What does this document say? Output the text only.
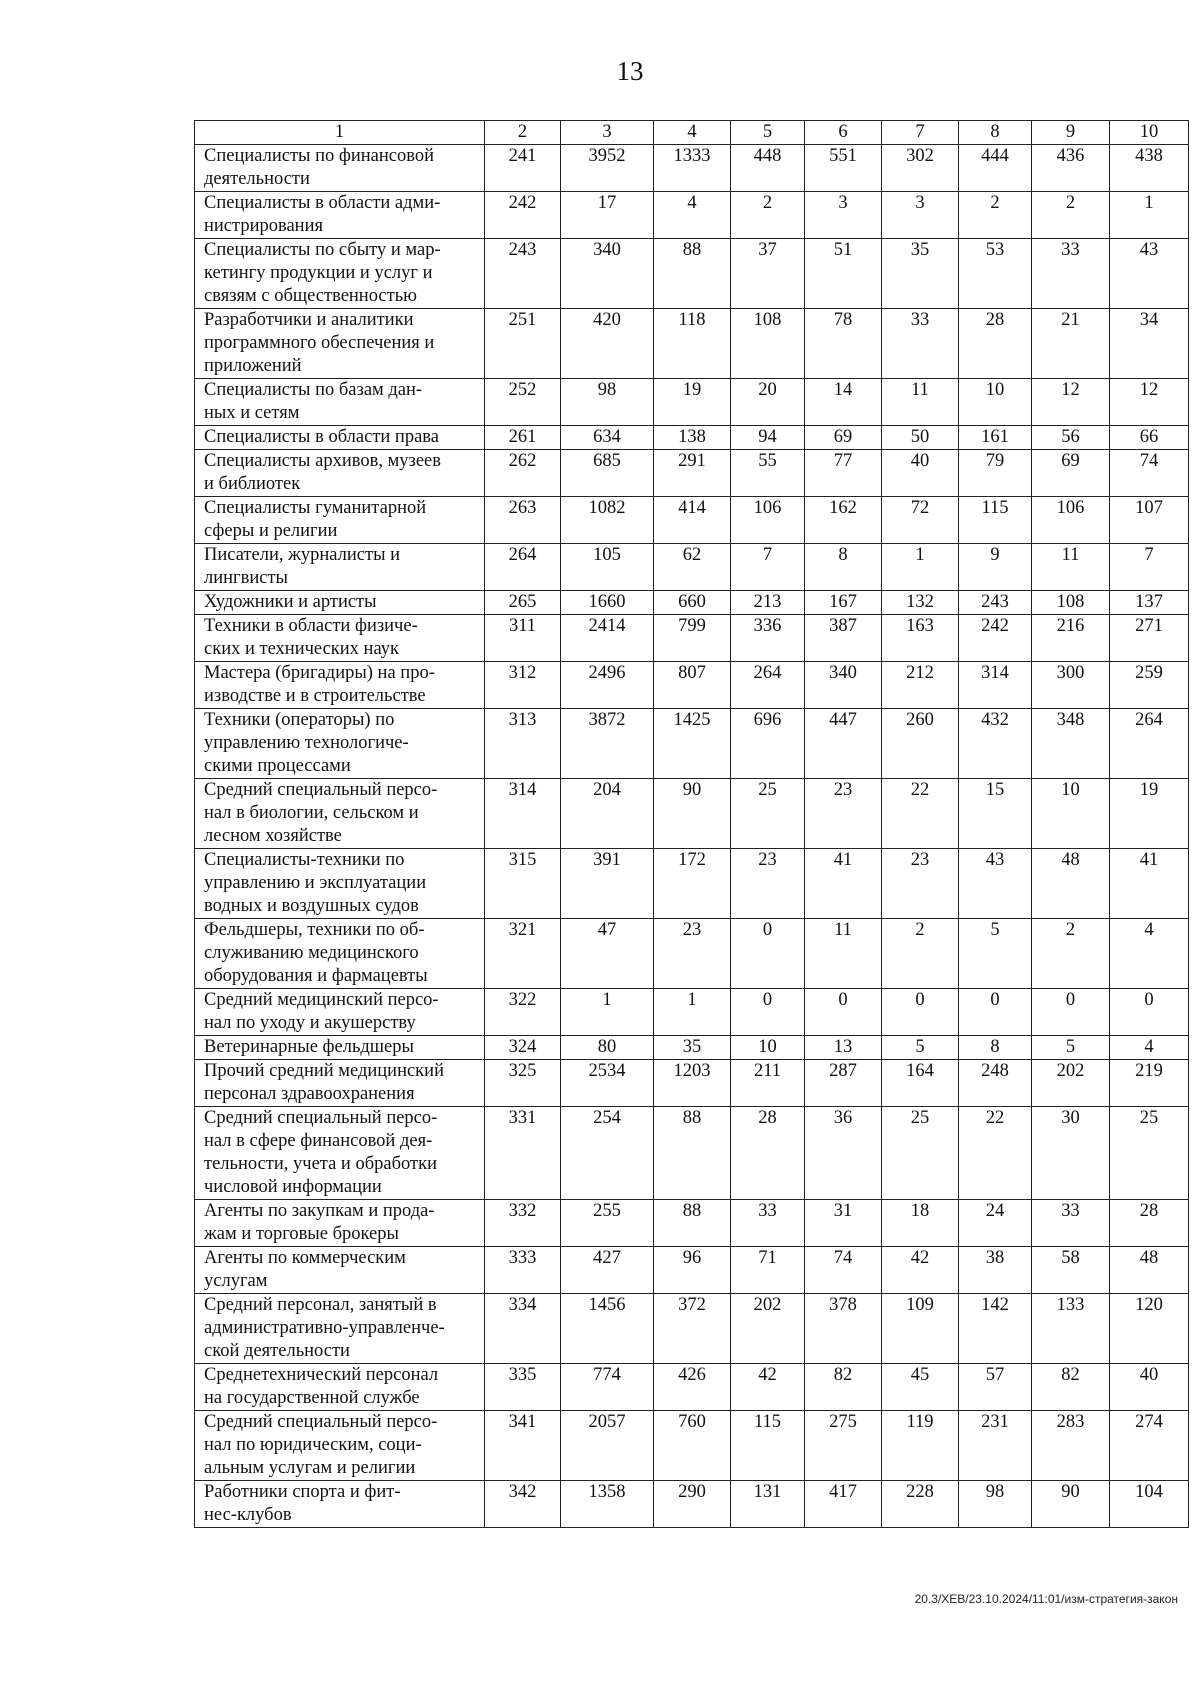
13
1	2	3	4	5	6	7	8	9	10
Специалисты по финансовой
деятельности	241	3952	1333	448	551	302	444	436	438
Специалисты в области адми-
нистрирования	242	17	4	2	3	3	2	2	1
Специалисты по сбыту и мар-
кетингу продукции и услуг и
связям с общественностью	243	340	88	37	51	35	53	33	43
Разработчики и аналитики
программного обеспечения и
приложений	251	420	118	108	78	33	28	21	34
Специалисты по базам дан-
ных и сетям	252	98	19	20	14	11	10	12	12
Специалисты в области права	261	634	138	94	69	50	161	56	66
Специалисты архивов, музеев
и библиотек	262	685	291	55	77	40	79	69	74
Специалисты гуманитарной
сферы и религии	263	1082	414	106	162	72	115	106	107
Писатели, журналисты и
лингвисты	264	105	62	7	8	1	9	11	7
Художники и артисты	265	1660	660	213	167	132	243	108	137
Техники в области физиче-
ских и технических наук	311	2414	799	336	387	163	242	216	271
Мастера (бригадиры) на про-
изводстве и в строительстве	312	2496	807	264	340	212	314	300	259
Техники (операторы) по
управлению технологиче-
скими процессами	313	3872	1425	696	447	260	432	348	264
Средний специальный персо-
нал в биологии, сельском и
лесном хозяйстве	314	204	90	25	23	22	15	10	19
Специалисты-техники по
управлению и эксплуатации
водных и воздушных судов	315	391	172	23	41	23	43	48	41
Фельдшеры, техники по об-
служиванию медицинского
оборудования и фармацевты	321	47	23	0	11	2	5	2	4
Средний медицинский персо-
нал по уходу и акушерству	322	1	1	0	0	0	0	0	0
Ветеринарные фельдшеры	324	80	35	10	13	5	8	5	4
Прочий средний медицинский
персонал здравоохранения	325	2534	1203	211	287	164	248	202	219
Средний специальный персо-
нал в сфере финансовой дея-
тельности, учета и обработки
числовой информации	331	254	88	28	36	25	22	30	25
Агенты по закупкам и прода-
жам и торговые брокеры	332	255	88	33	31	18	24	33	28
Агенты по коммерческим
услугам	333	427	96	71	74	42	38	58	48
Средний персонал, занятый в
административно-управленче-
ской деятельности	334	1456	372	202	378	109	142	133	120
Среднетехнический персонал
на государственной службе	335	774	426	42	82	45	57	82	40
Средний специальный персо-
нал по юридическим, соци-
альным услугам и религии	341	2057	760	115	275	119	231	283	274
Работники спорта и фит-
нес-клубов	342	1358	290	131	417	228	98	90	104
20.3/ХЕВ/23.10.2024/11:01/изм-стратегия-закон
